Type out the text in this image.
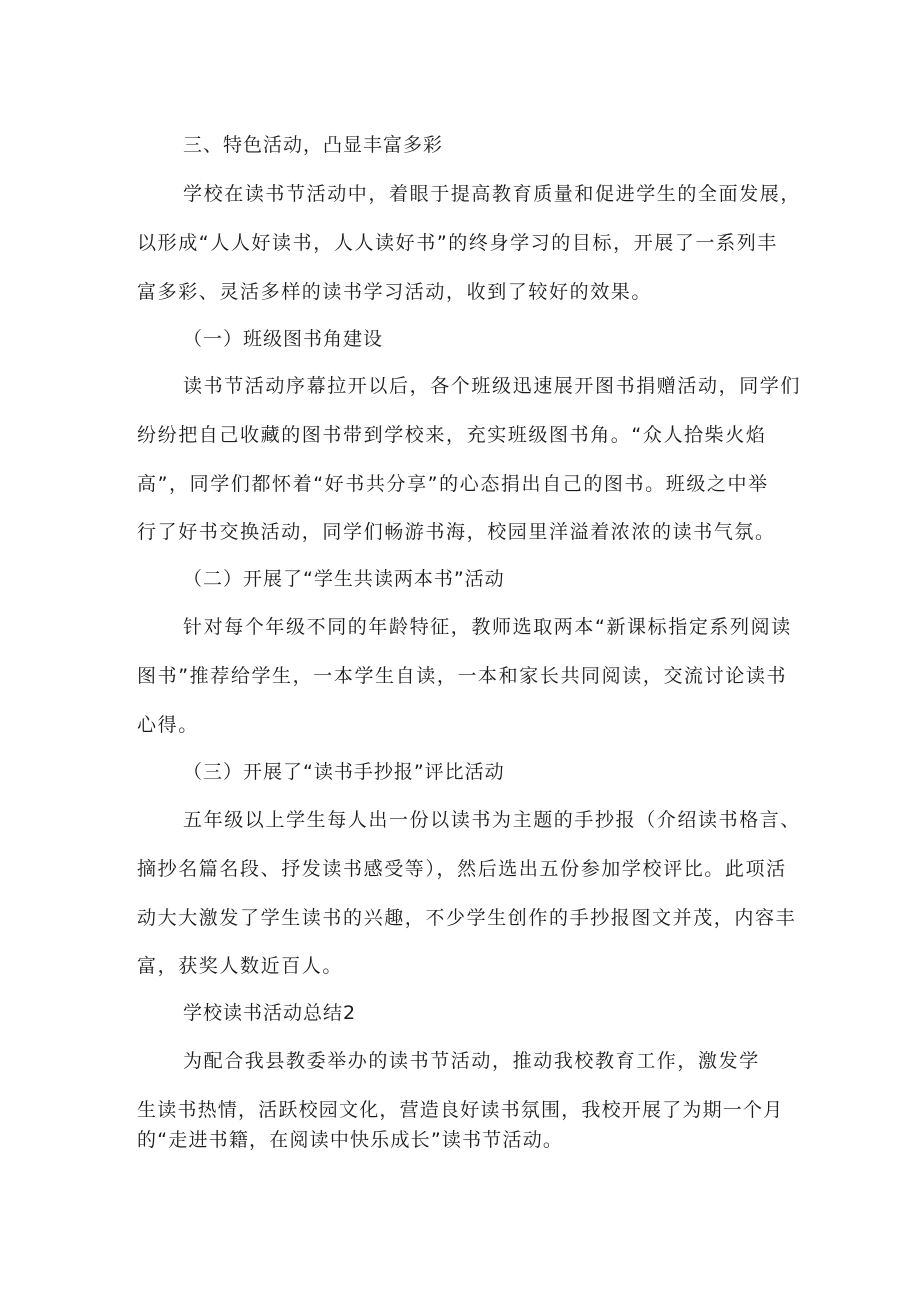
三、特色活动，凸显丰富多彩

学校在读书节活动中，着眼于提高教育质量和促进学生的全面发展，

以形成“人人好读书，人人读好书”的终身学习的目标，开展了一系列丰

富多彩、灵活多样的读书学习活动，收到了较好的效果。

（一）班级图书角建设

读书节活动序幕拉开以后，各个班级迅速展开图书捐赠活动，同学们

纷纷把自己收藏的图书带到学校来，充实班级图书角。“众人拾柴火焰

高”，同学们都怀着“好书共分享”的心态捐出自己的图书。班级之中举

行了好书交换活动，同学们畅游书海，校园里洋溢着浓浓的读书气氛。

（二）开展了“学生共读两本书”活动

针对每个年级不同的年龄特征，教师选取两本“新课标指定系列阅读

图书”推荐给学生，一本学生自读，一本和家长共同阅读，交流讨论读书

心得。

（三）开展了“读书手抄报”评比活动

五年级以上学生每人出一份以读书为主题的手抄报（介绍读书格言、

摘抄名篇名段、抒发读书感受等），然后选出五份参加学校评比。此项活

动大大激发了学生读书的兴趣，不少学生创作的手抄报图文并茂，内容丰

富，获奖人数近百人。

学校读书活动总结2

为配合我县教委举办的读书节活动，推动我校教育工作，激发学

生读书热情，活跃校园文化，营造良好读书氛围，我校开展了为期一个月

的“走进书籍，在阅读中快乐成长”读书节活动。
